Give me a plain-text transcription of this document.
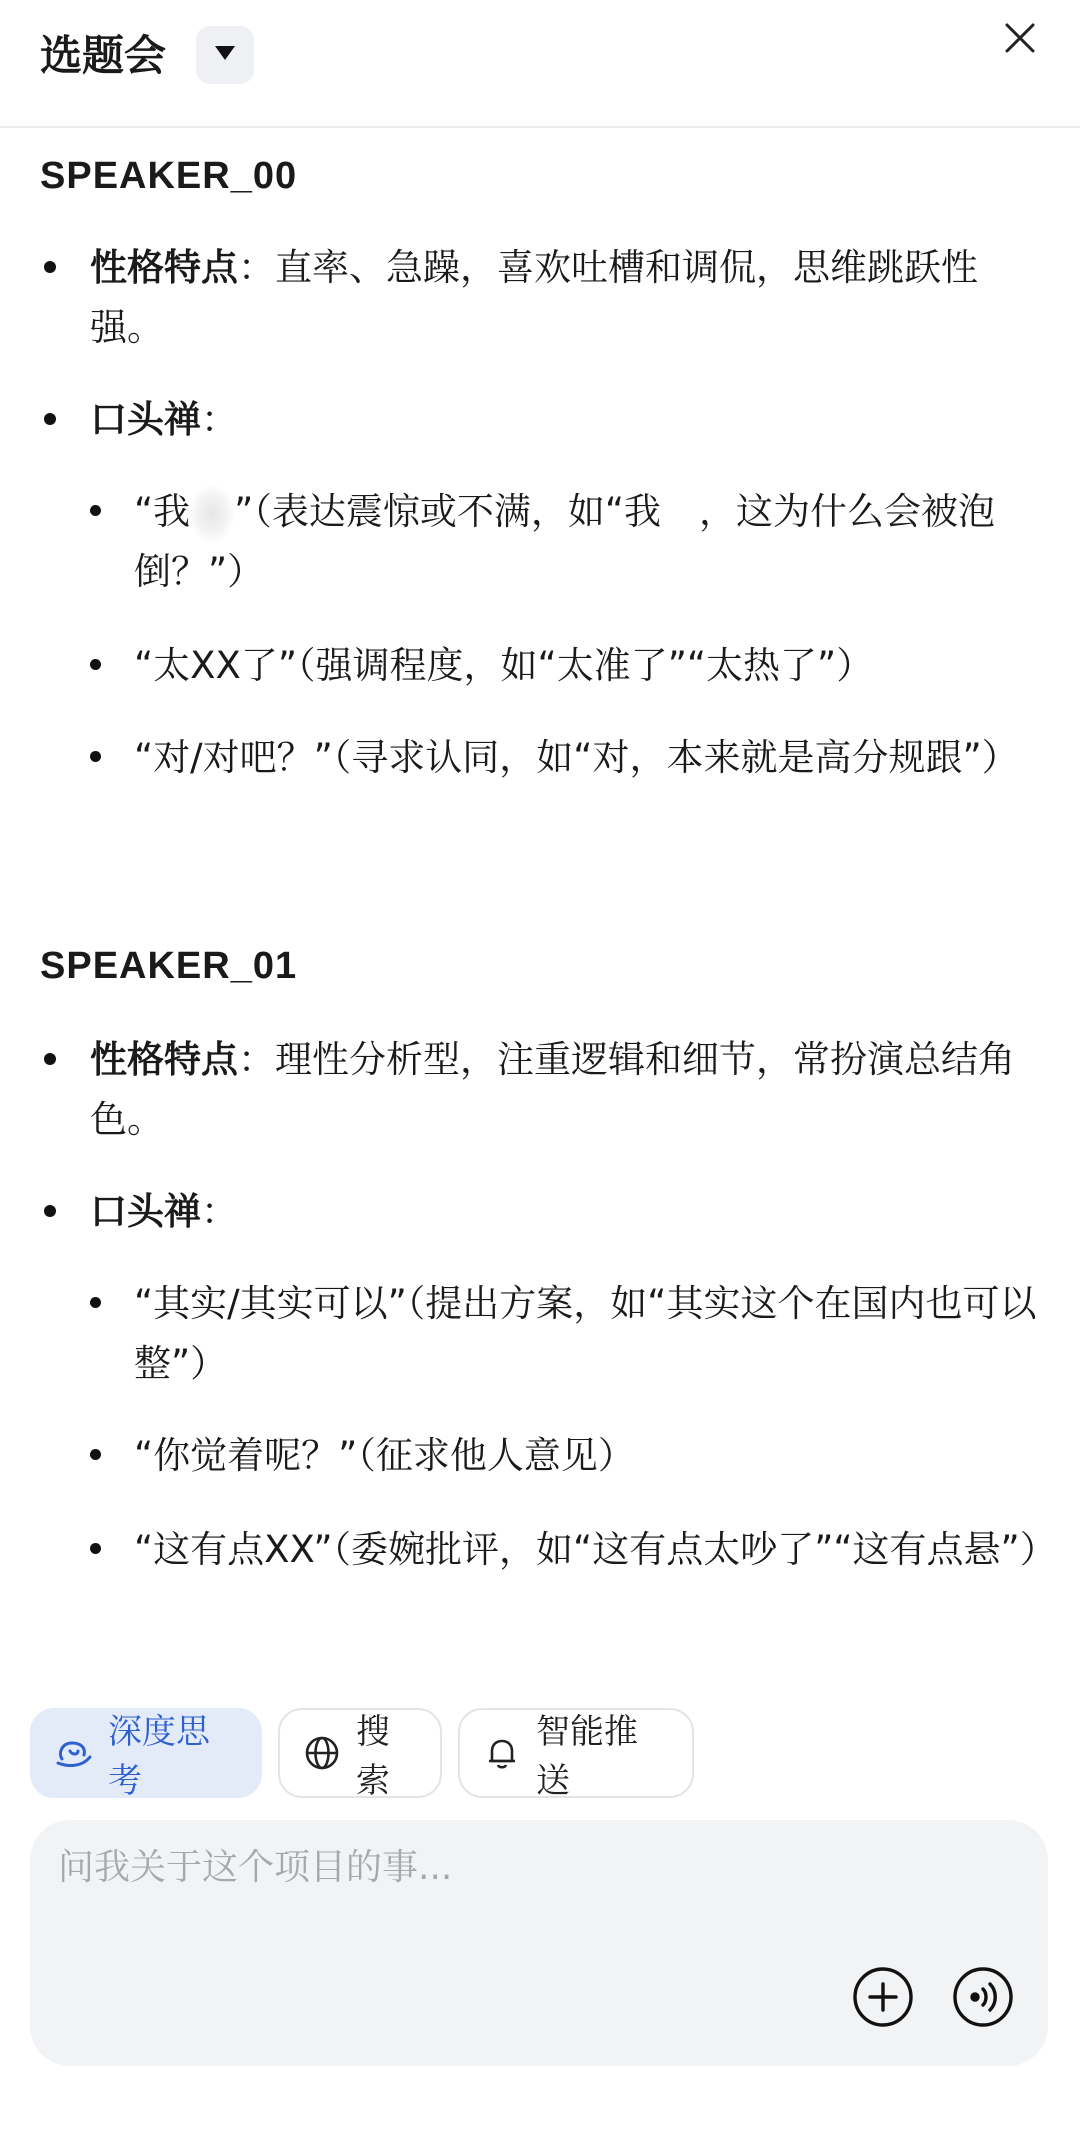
选题会
SPEAKER_00
性格特点：直率、急躁，喜欢吐槽和调侃，思维跳跃性强。
口头禅：
“我 ”（表达震惊或不满，如“我 ，这为什么会被泡倒？”）
“太XX了”（强调程度，如“太准了”“太热了”）
“对/对吧？”（寻求认同，如“对，本来就是高分规跟”）
SPEAKER_01
性格特点：理性分析型，注重逻辑和细节，常扮演总结角色。
口头禅：
“其实/其实可以”（提出方案，如“其实这个在国内也可以整”）
“你觉着呢？”（征求他人意见）
“这有点XX”（委婉批评，如“这有点太吵了”“这有点悬”）
深度思考
搜索
智能推送
问我关于这个项目的事...
